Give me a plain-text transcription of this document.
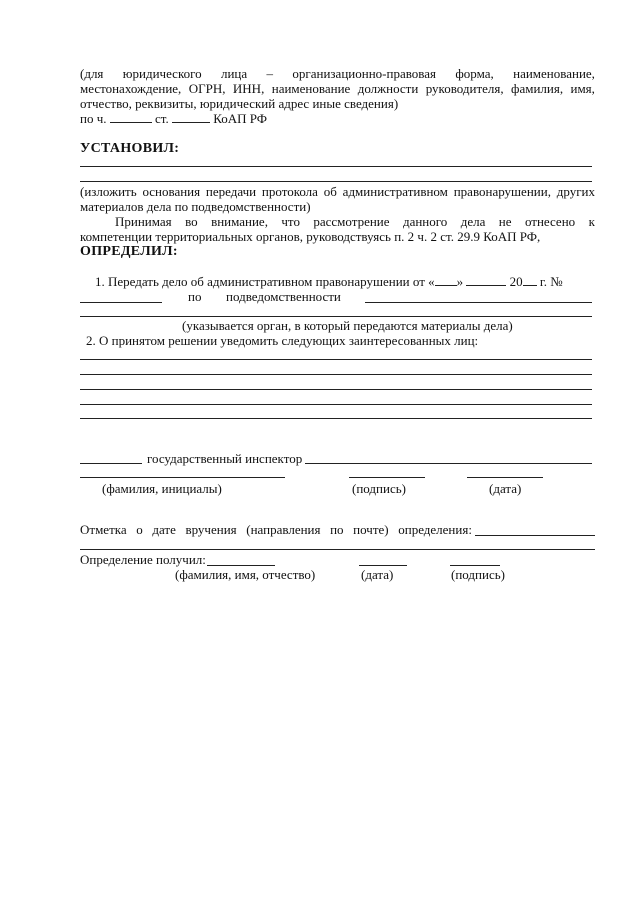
(для юридического лица – организационно-правовая форма, наименование,
местонахождение, ОГРН, ИНН, наименование должности руководителя, фамилия, имя,
отчество, реквизиты, юридический адрес иные сведения)
по ч.	ст.	КоАП РФ
УСТАНОВИЛ:
(изложить основания передачи протокола об административном правонарушении, других
материалов дела по подведомственности)
Принимая во внимание, что рассмотрение данного дела не отнесено к
компетенции территориальных органов, руководствуясь п. 2 ч. 2 ст. 29.9 КоАП РФ,
ОПРЕДЕЛИЛ:
1. Передать дело об административном правонарушении от « »	20 г. №
по подведомственности
(указывается орган, в который передаются материалы дела)
2. О принятом решении уведомить следующих заинтересованных лиц:
государственный инспектор
(фамилия, инициалы)	(подпись)	(дата)
Отметка о дате вручения (направления по почте) определения:
Определение получил:
(фамилия, имя, отчество)	(дата)	(подпись)
